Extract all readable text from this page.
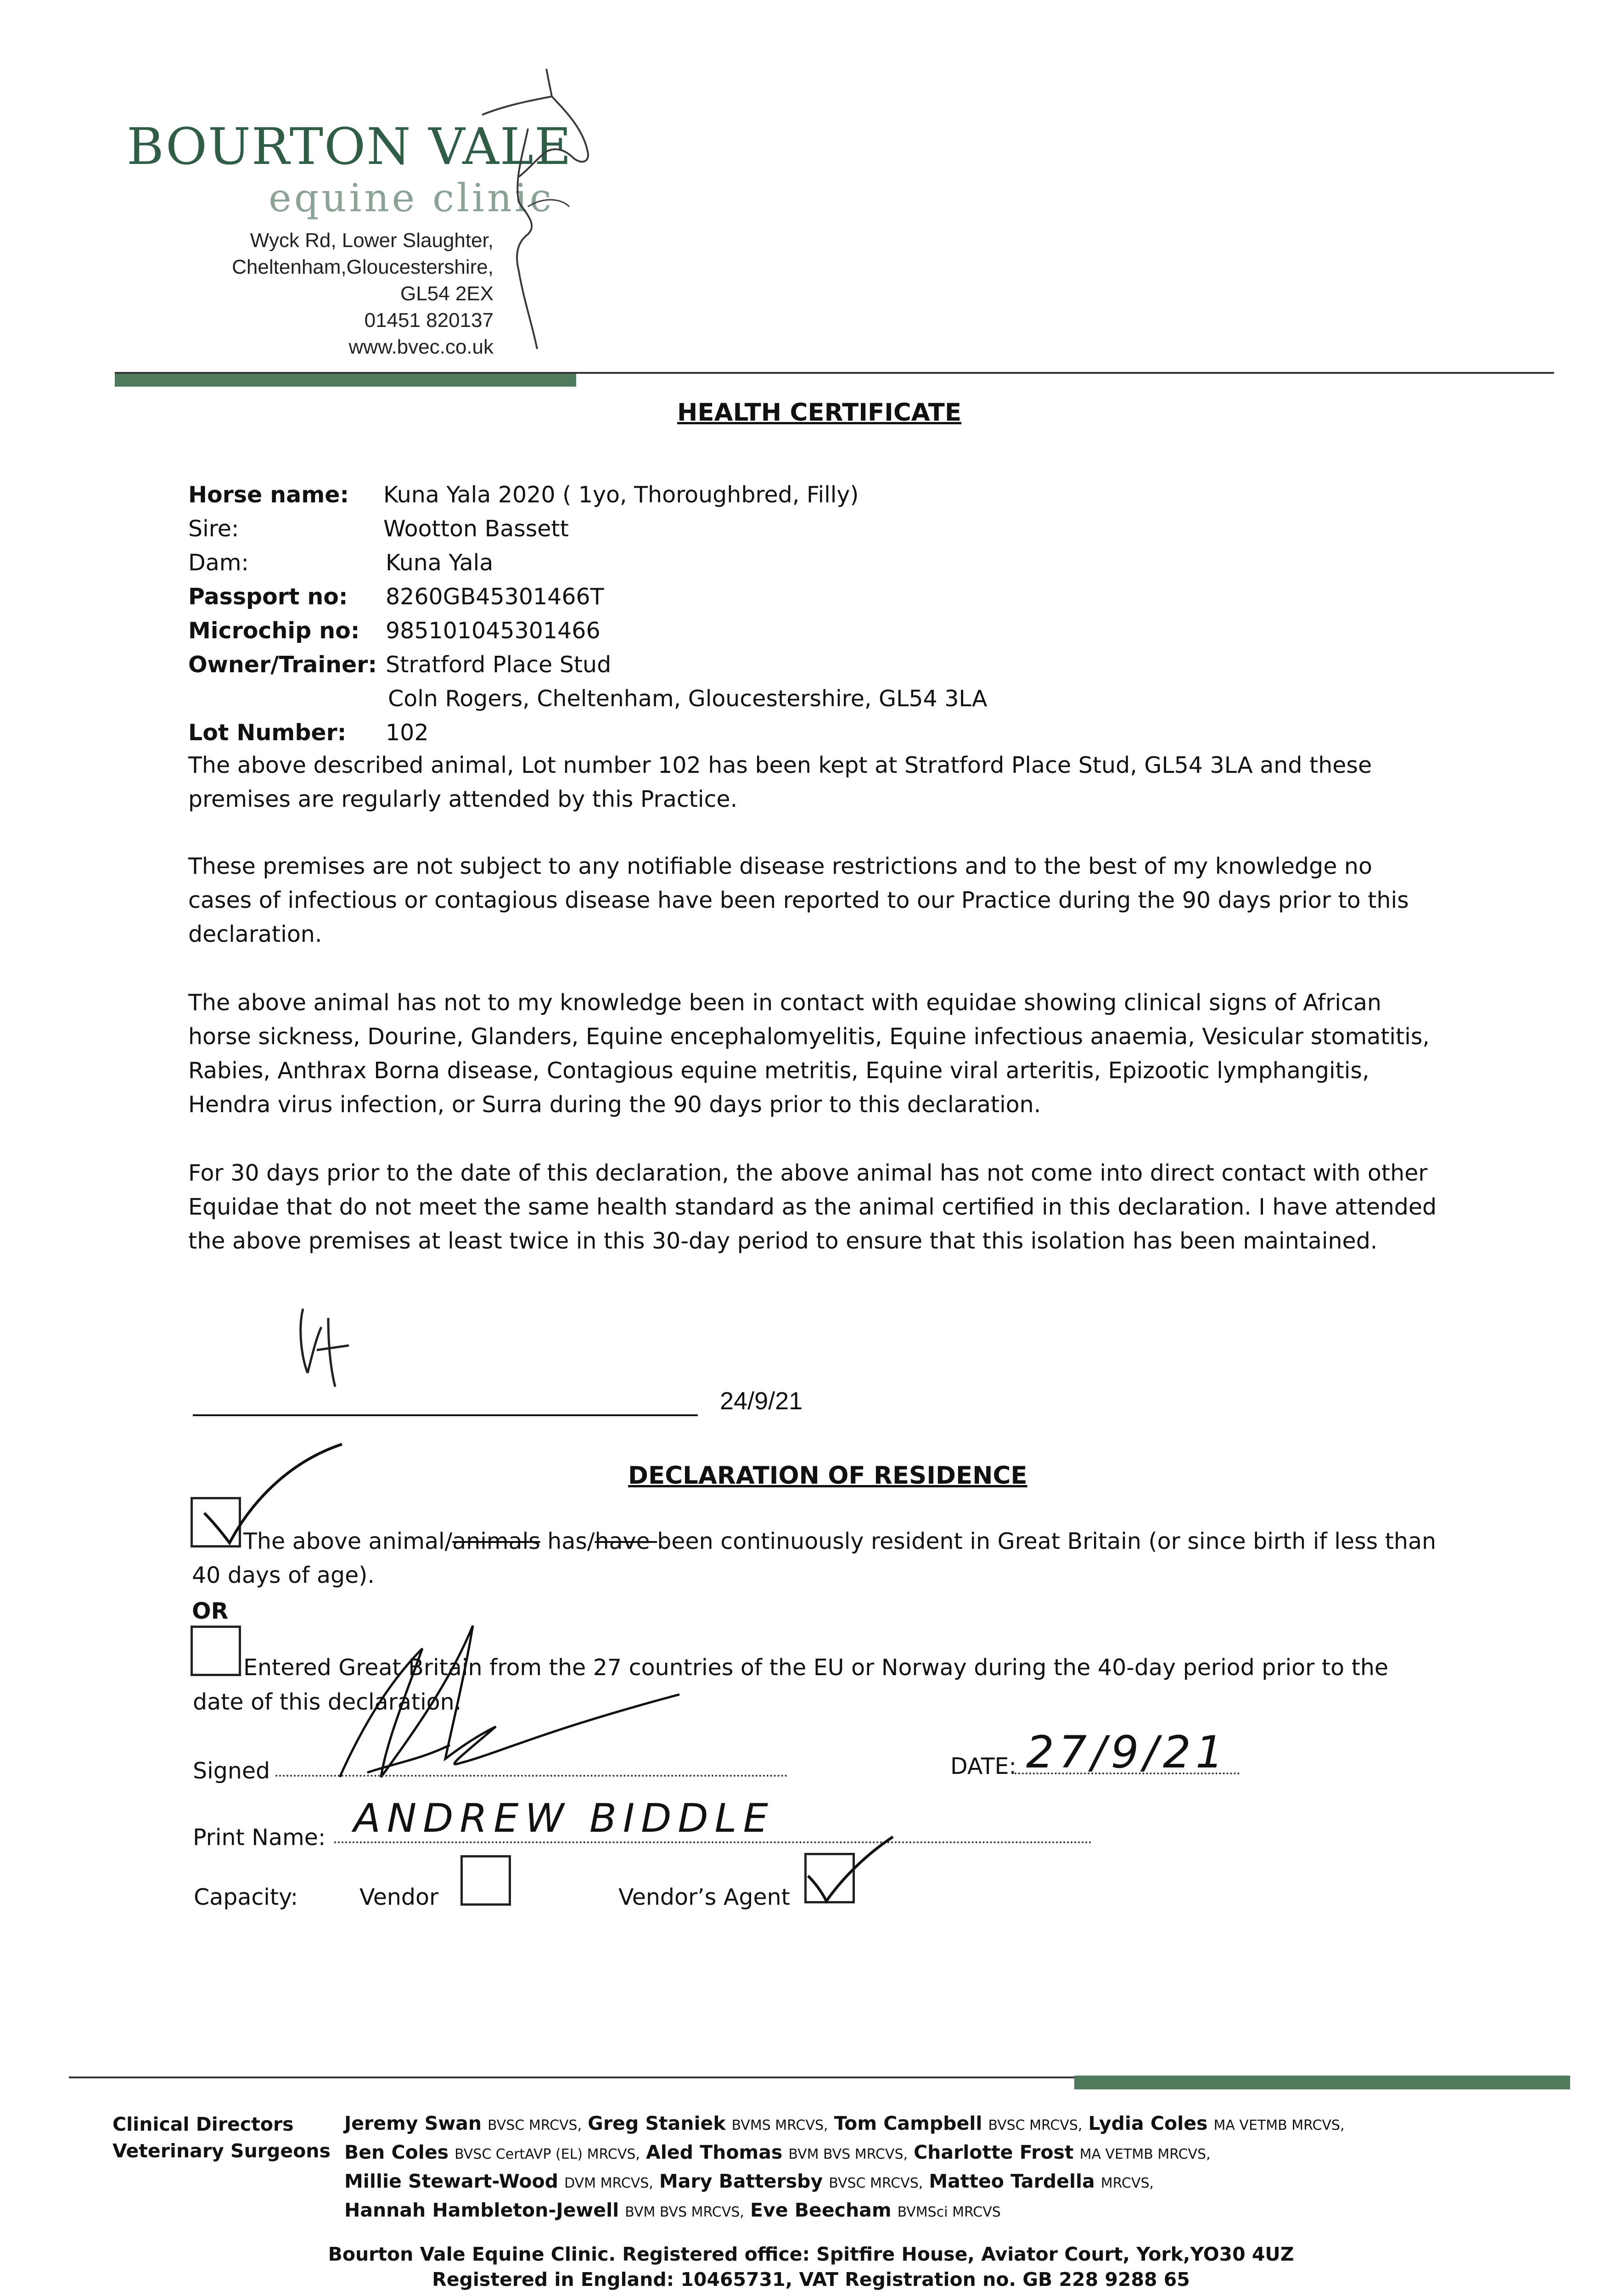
BOURTON VALE
equine clinic
Wyck Rd, Lower Slaughter,
Cheltenham,Gloucestershire,
GL54 2EX
01451 820137
www.bvec.co.uk
HEALTH CERTIFICATE
Horse name:	Kuna Yala 2020 ( 1yo, Thoroughbred, Filly)
Sire:	Wootton Bassett
Dam:	Kuna Yala
Passport no:	8260GB45301466T
Microchip no:	985101045301466
Owner/Trainer: Stratford Place Stud
Coln Rogers, Cheltenham, Gloucestershire, GL54 3LA
Lot Number:	102
The above described animal, Lot number 102 has been kept at Stratford Place Stud, GL54 3LA and these premises are regularly attended by this Practice.
These premises are not subject to any notifiable disease restrictions and to the best of my knowledge no cases of infectious or contagious disease have been reported to our Practice during the 90 days prior to this declaration.
The above animal has not to my knowledge been in contact with equidae showing clinical signs of African horse sickness, Dourine, Glanders, Equine encephalomyelitis, Equine infectious anaemia, Vesicular stomatitis, Rabies, Anthrax Borna disease, Contagious equine metritis, Equine viral arteritis, Epizootic lymphangitis, Hendra virus infection, or Surra during the 90 days prior to this declaration.
For 30 days prior to the date of this declaration, the above animal has not come into direct contact with other Equidae that do not meet the same health standard as the animal certified in this declaration. I have attended the above premises at least twice in this 30-day period to ensure that this isolation has been maintained.
24/9/21
DECLARATION OF RESIDENCE
The above animal/animals has/have been continuously resident in Great Britain (or since birth if less than
40 days of age).
OR
Entered Great Britain from the 27 countries of the EU or Norway during the 40-day period prior to the
date of this declaration.
Signed	DATE: 27/9/21
Print Name: ANDREW BIDDLE
Capacity:	Vendor	Vendor’s Agent
Clinical Directors
Veterinary Surgeons
Jeremy Swan BVSC MRCVS, Greg Staniek BVMS MRCVS, Tom Campbell BVSC MRCVS, Lydia Coles MA VETMB MRCVS,
Ben Coles BVSC CertAVP (EL) MRCVS, Aled Thomas BVM BVS MRCVS, Charlotte Frost MA VETMB MRCVS,
Millie Stewart-Wood DVM MRCVS, Mary Battersby BVSC MRCVS, Matteo Tardella MRCVS,
Hannah Hambleton-Jewell BVM BVS MRCVS, Eve Beecham BVMSci MRCVS
Bourton Vale Equine Clinic. Registered office: Spitfire House, Aviator Court, York,YO30 4UZ
Registered in England: 10465731, VAT Registration no. GB 228 9288 65
